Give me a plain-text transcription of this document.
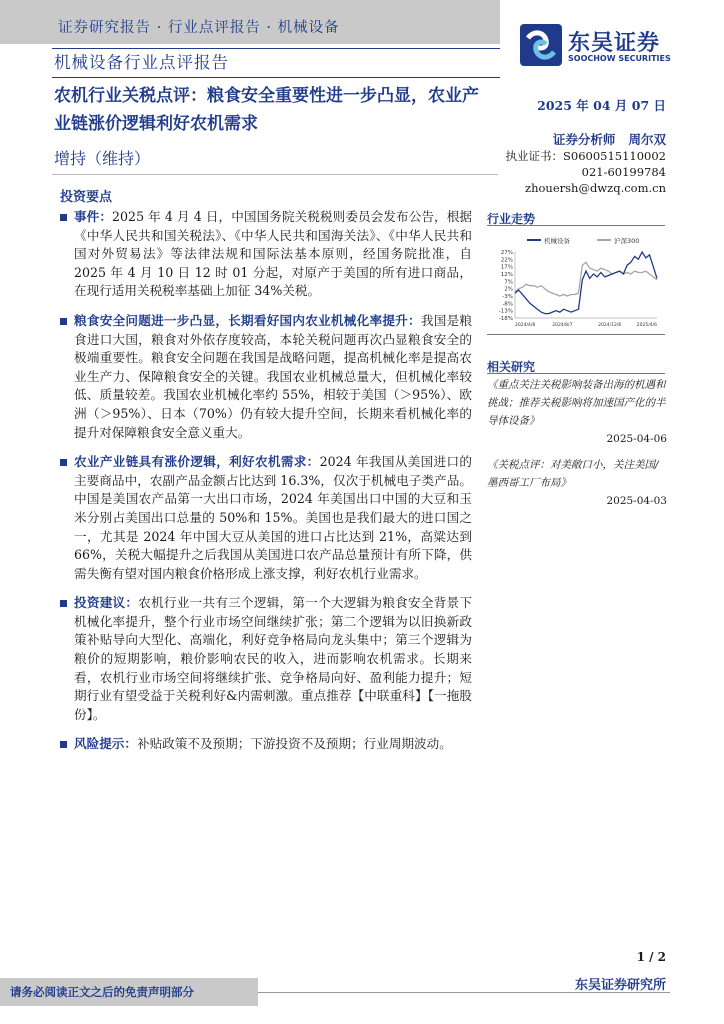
证券研究报告 · 行业点评报告 · 机械设备
机械设备行业点评报告
东吴证券
SOOCHOW SECURITIES
农机行业关税点评：粮食安全重要性进一步凸显，农业产业链涨价逻辑利好农机需求
增持（维持）
2025 年 04 月 07 日
证券分析师 周尔双
执业证书：S0600515110002
021-60199784
zhouersh@dwzq.com.cn
投资要点
事件：2025 年 4 月 4 日，中国国务院关税税则委员会发布公告，根据《中华人民共和国关税法》、《中华人民共和国海关法》、《中华人民共和国对外贸易法》等法律法规和国际法基本原则，经国务院批准，自 2025 年 4 月 10 日 12 时 01 分起，对原产于美国的所有进口商品，在现行适用关税税率基础上加征 34%关税。
粮食安全问题进一步凸显，长期看好国内农业机械化率提升：我国是粮食进口大国，粮食对外依存度较高，本轮关税问题再次凸显粮食安全的极端重要性。粮食安全问题在我国是战略问题，提高机械化率是提高农业生产力、保障粮食安全的关键。我国农业机械总量大，但机械化率较低、质量较差。我国农业机械化率约 55%，相较于美国（＞95%）、欧洲（＞95%）、日本（70%）仍有较大提升空间，长期来看机械化率的提升对保障粮食安全意义重大。
农业产业链具有涨价逻辑，利好农机需求：2024 年我国从美国进口的主要商品中，农副产品金额占比达到 16.3%，仅次于机械电子类产品。中国是美国农产品第一大出口市场，2024 年美国出口中国的大豆和玉米分别占美国出口总量的 50%和 15%。美国也是我们最大的进口国之一，尤其是 2024 年中国大豆从美国的进口占比达到 21%，高粱达到 66%，关税大幅提升之后我国从美国进口农产品总量预计有所下降，供需失衡有望对国内粮食价格形成上涨支撑，利好农机行业需求。
投资建议：农机行业一共有三个逻辑，第一个大逻辑为粮食安全背景下机械化率提升，整个行业市场空间继续扩张；第二个逻辑为以旧换新政策补贴导向大型化、高端化，利好竞争格局向龙头集中；第三个逻辑为粮价的短期影响，粮价影响农民的收入，进而影响农机需求。长期来看，农机行业市场空间将继续扩张、竞争格局向好、盈利能力提升；短期行业有望受益于关税利好&内需刺激。重点推荐【中联重科】【一拖股份】。
风险提示：补贴政策不及预期；下游投资不及预期；行业周期波动。
行业走势
机械设备	沪深300
27%
22%
17%
12%
7%
2%
-3%
-8%
-13%
-18%
2024/4/8	2024/8/7	2024/12/6	2025/4/6
相关研究
《重点关注关税影响装备出海的机遇和挑战；推荐关税影响将加速国产化的半导体设备》
2025-04-06
《关税点评：对美敞口小，关注美国/墨西哥工厂布局》
2025-04-03
1 / 2
请务必阅读正文之后的免责声明部分	东吴证券研究所
